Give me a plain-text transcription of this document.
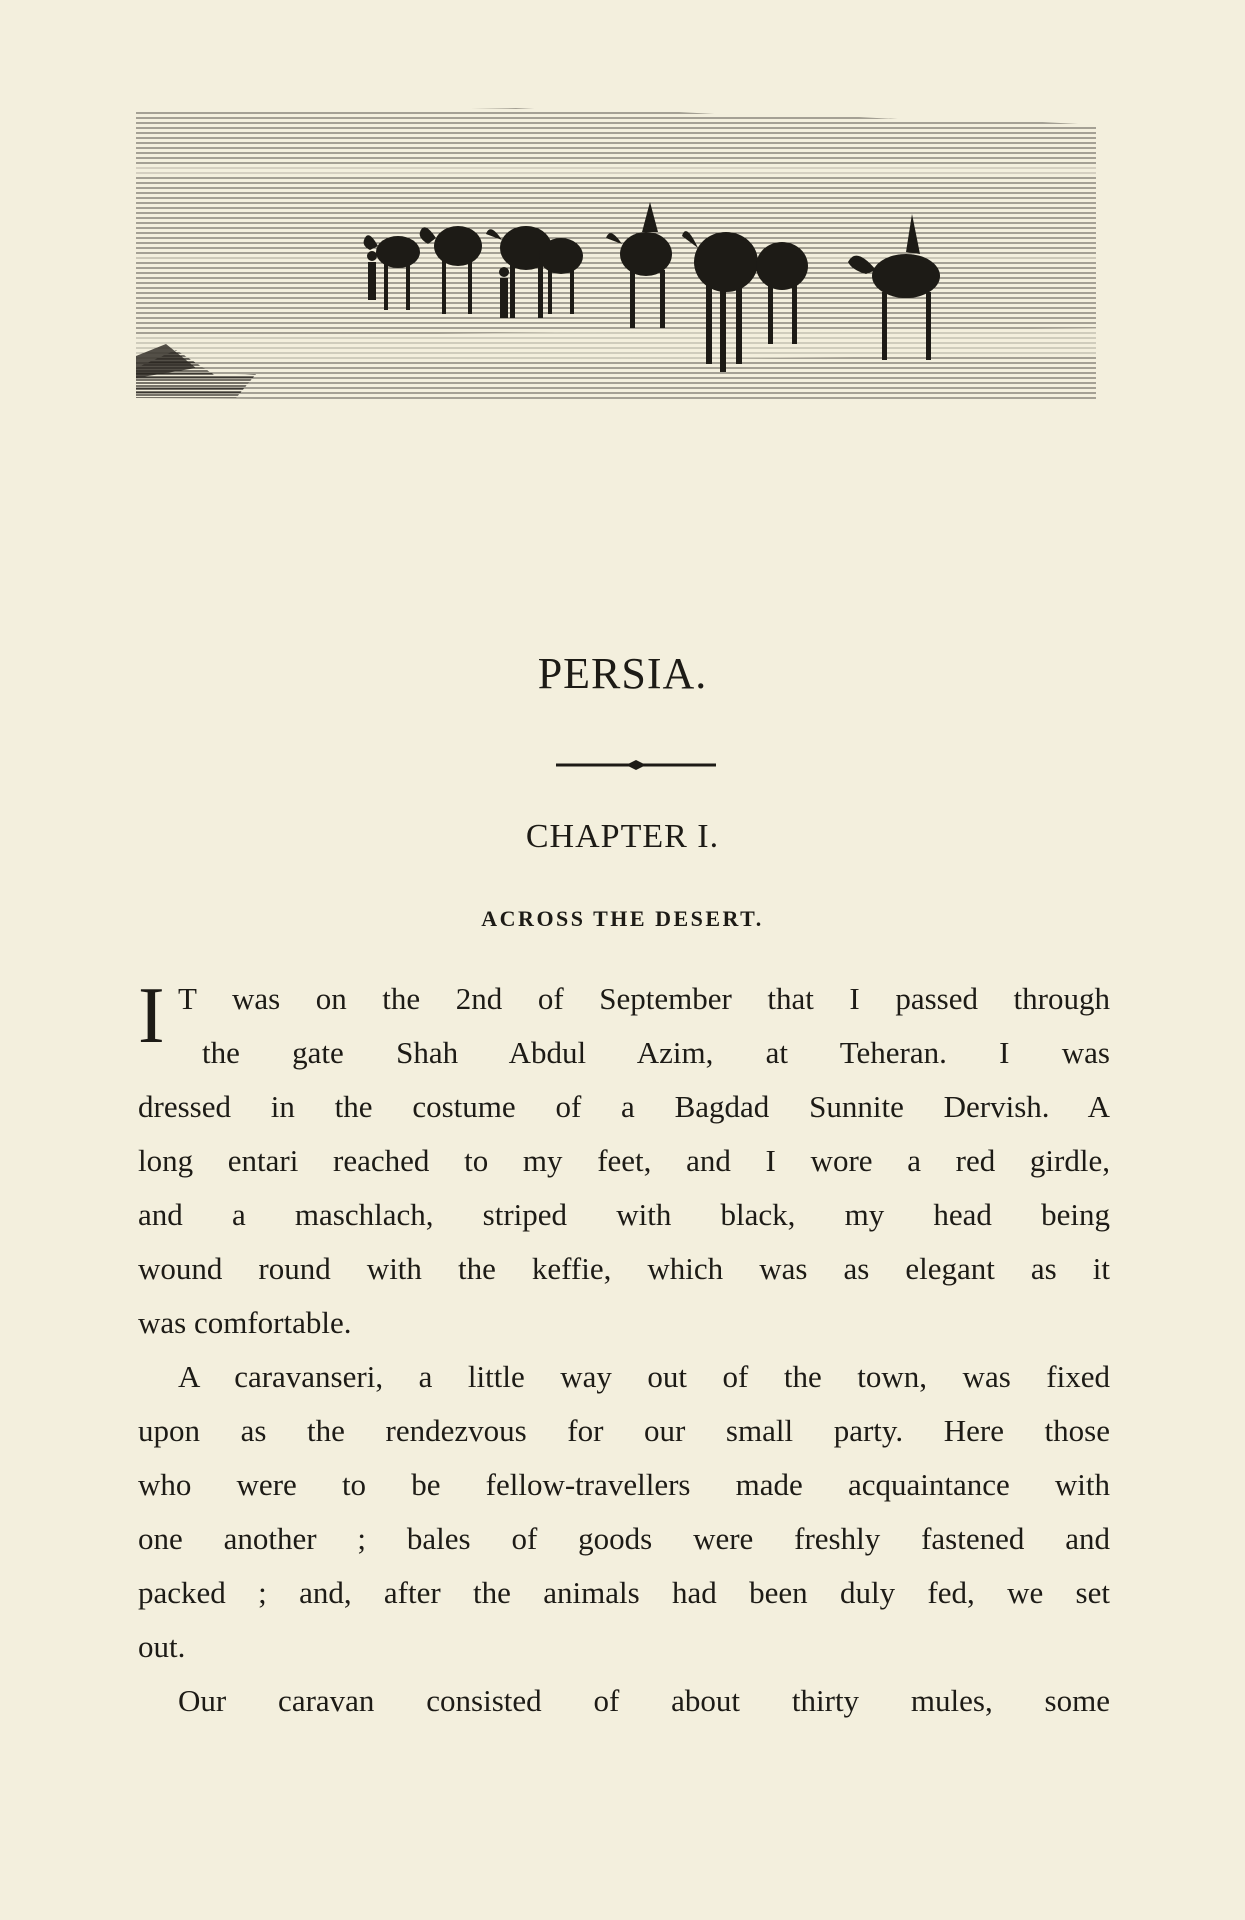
PERSIA.
CHAPTER I.
ACROSS THE DESERT.
I T was on the 2nd of September that I passed through
the gate Shah Abdul Azim, at Teheran. I was
dressed in the costume of a Bagdad Sunnite Dervish. A
long entari reached to my feet, and I wore a red girdle,
and a maschlach, striped with black, my head being
wound round with the keffie, which was as elegant as it
was comfortable.
A caravanseri, a little way out of the town, was fixed
upon as the rendezvous for our small party. Here those
who were to be fellow-travellers made acquaintance with
one another ; bales of goods were freshly fastened and
packed ; and, after the animals had been duly fed, we set
out.
Our caravan consisted of about thirty mules, some
